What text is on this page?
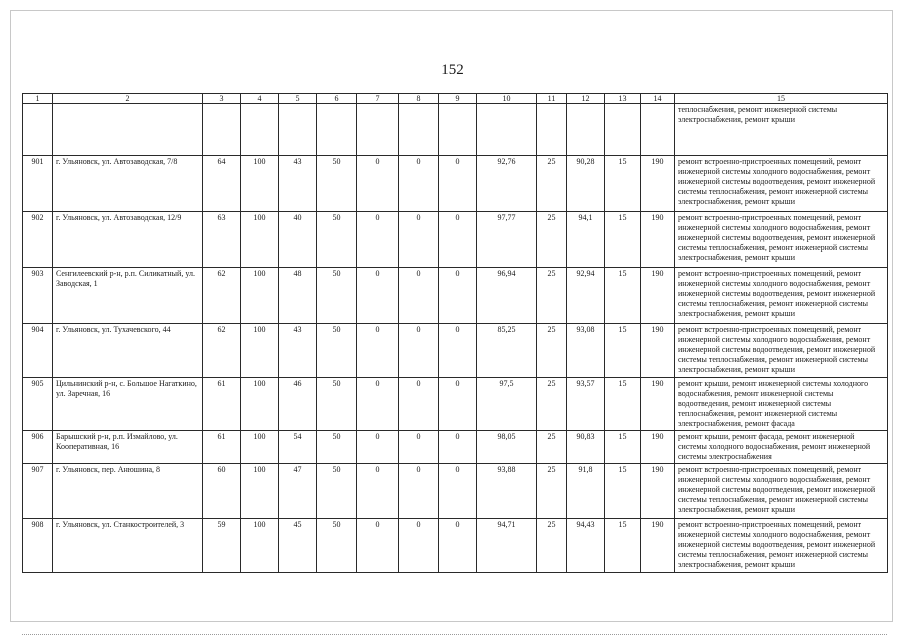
152
1	2	3	4	5	6	7	8	9	10	11	12	13	14	15
														теплоснабжения, ремонт инженерной системы электроснабжения, ремонт крыши
901	г. Ульяновск, ул. Автозаводская, 7/8	64	100	43	50	0	0	0	92,76	25	90,28	15	190	ремонт встроенно-пристроенных помещений, ремонт инженерной системы холодного водоснабжения, ремонт инженерной системы водоотведения, ремонт инженерной системы теплоснабжения, ремонт инженерной системы электроснабжения, ремонт крыши
902	г. Ульяновск, ул. Автозаводская, 12/9	63	100	40	50	0	0	0	97,77	25	94,1	15	190	ремонт встроенно-пристроенных помещений, ремонт инженерной системы холодного водоснабжения, ремонт инженерной системы водоотведения, ремонт инженерной системы теплоснабжения, ремонт инженерной системы электроснабжения, ремонт крыши
903	Сенгилеевский р-н, р.п. Силикатный, ул. Заводская, 1	62	100	48	50	0	0	0	96,94	25	92,94	15	190	ремонт встроенно-пристроенных помещений, ремонт инженерной системы холодного водоснабжения, ремонт инженерной системы водоотведения, ремонт инженерной системы теплоснабжения, ремонт инженерной системы электроснабжения, ремонт крыши
904	г. Ульяновск, ул. Тухачевского, 44	62	100	43	50	0	0	0	85,25	25	93,08	15	190	ремонт встроенно-пристроенных помещений, ремонт инженерной системы холодного водоснабжения, ремонт инженерной системы водоотведения, ремонт инженерной системы теплоснабжения, ремонт инженерной системы электроснабжения, ремонт крыши
905	Цильнинский р-н, с. Большое Нагаткино, ул. Заречная, 16	61	100	46	50	0	0	0	97,5	25	93,57	15	190	ремонт крыши, ремонт инженерной системы холодного водоснабжения, ремонт инженерной системы водоотведения, ремонт инженерной системы теплоснабжения, ремонт инженерной системы электроснабжения, ремонт фасада
906	Барышский р-н, р.п. Измайлово, ул. Кооперативная, 16	61	100	54	50	0	0	0	98,05	25	90,83	15	190	ремонт крыши, ремонт фасада, ремонт инженерной системы холодного водоснабжения, ремонт инженерной системы электроснабжения
907	г. Ульяновск, пер. Анюшина, 8	60	100	47	50	0	0	0	93,88	25	91,8	15	190	ремонт встроенно-пристроенных помещений, ремонт инженерной системы холодного водоснабжения, ремонт инженерной системы водоотведения, ремонт инженерной системы теплоснабжения, ремонт инженерной системы электроснабжения, ремонт крыши
908	г. Ульяновск, ул. Станкостроителей, 3	59	100	45	50	0	0	0	94,71	25	94,43	15	190	ремонт встроенно-пристроенных помещений, ремонт инженерной системы холодного водоснабжения, ремонт инженерной системы водоотведения, ремонт инженерной системы теплоснабжения, ремонт инженерной системы электроснабжения, ремонт крыши
